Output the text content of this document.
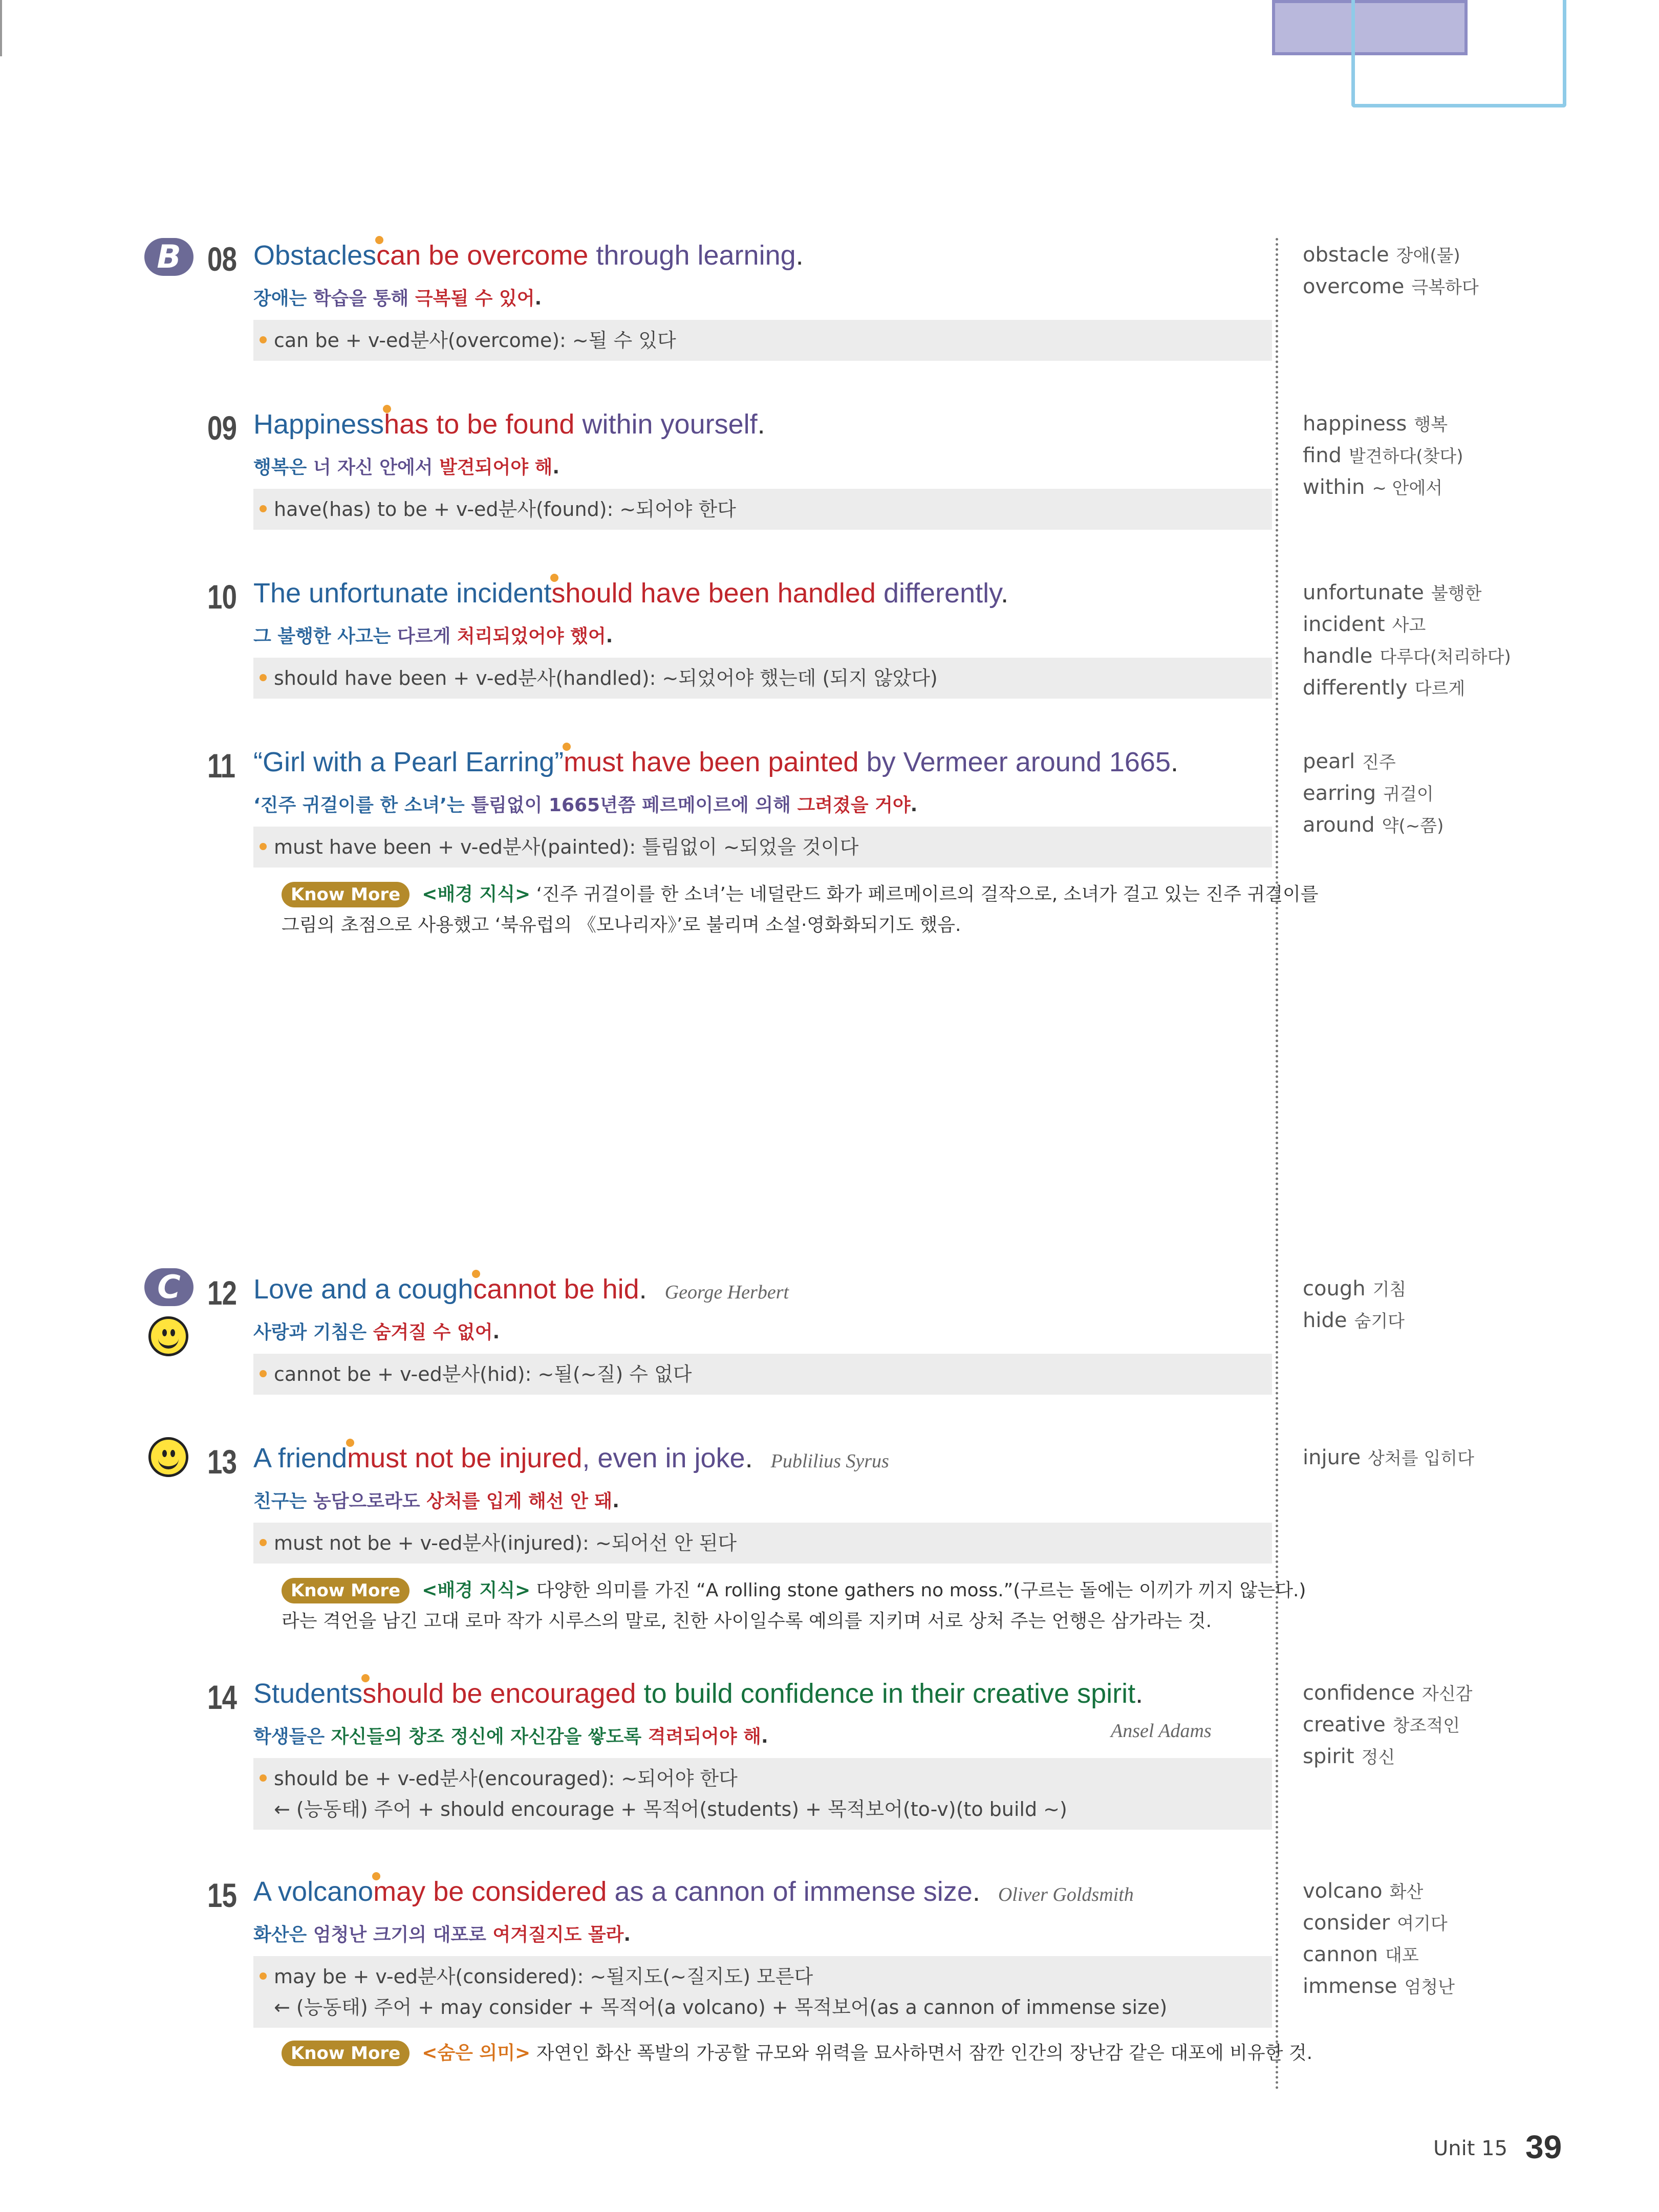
B
C
08 Obstaclescan be overcome through learning.
장애는 학습을 통해 극복될 수 있어.
can be + v-ed분사(overcome): ~될 수 있다
obstacle 장애(물)
overcome 극복하다
09 Happinesshas to be found within yourself.
행복은 너 자신 안에서 발견되어야 해.
have(has) to be + v-ed분사(found): ~되어야 한다
happiness 행복
find 발견하다(찾다)
within ~ 안에서
10 The unfortunate incidentshould have been handled differently.
그 불행한 사고는 다르게 처리되었어야 했어.
should have been + v-ed분사(handled): ~되었어야 했는데 (되지 않았다)
unfortunate 불행한
incident 사고
handle 다루다(처리하다)
differently 다르게
11 “Girl with a Pearl Earring”must have been painted by Vermeer around 1665.
‘진주 귀걸이를 한 소녀’는 틀림없이 1665년쯤 페르메이르에 의해 그려졌을 거야.
must have been + v-ed분사(painted): 틀림없이 ~되었을 것이다
Know More <배경 지식> ‘진주 귀걸이를 한 소녀’는 네덜란드 화가 페르메이르의 걸작으로, 소녀가 걸고 있는 진주 귀걸이를
그림의 초점으로 사용했고 ‘북유럽의 《모나리자》’로 불리며 소설·영화화되기도 했음.
pearl 진주
earring 귀걸이
around 약(~쯤)
12 Love and a coughcannot be hid. George Herbert
사랑과 기침은 숨겨질 수 없어.
cannot be + v-ed분사(hid): ~될(~질) 수 없다
cough 기침
hide 숨기다
13 A friendmust not be injured, even in joke. Publilius Syrus
친구는 농담으로라도 상처를 입게 해선 안 돼.
must not be + v-ed분사(injured): ~되어선 안 된다
Know More <배경 지식> 다양한 의미를 가진 “A rolling stone gathers no moss.”(구르는 돌에는 이끼가 끼지 않는다.)
라는 격언을 남긴 고대 로마 작가 시루스의 말로, 친한 사이일수록 예의를 지키며 서로 상처 주는 언행은 삼가라는 것.
injure 상처를 입히다
14 Studentsshould be encouraged to build confidence in their creative spirit.
학생들은 자신들의 창조 정신에 자신감을 쌓도록 격려되어야 해.	Ansel Adams
should be + v-ed분사(encouraged): ~되어야 한다
← (능동태) 주어 + should encourage + 목적어(students) + 목적보어(to-v)(to build ~)
confidence 자신감
creative 창조적인
spirit 정신
15 A volcanomay be considered as a cannon of immense size. Oliver Goldsmith
화산은 엄청난 크기의 대포로 여겨질지도 몰라.
may be + v-ed분사(considered): ~될지도(~질지도) 모른다
← (능동태) 주어 + may consider + 목적어(a volcano) + 목적보어(as a cannon of immense size)
Know More <숨은 의미> 자연인 화산 폭발의 가공할 규모와 위력을 묘사하면서 잠깐 인간의 장난감 같은 대포에 비유한 것.
volcano 화산
consider 여기다
cannon 대포
immense 엄청난
Unit 15 39
